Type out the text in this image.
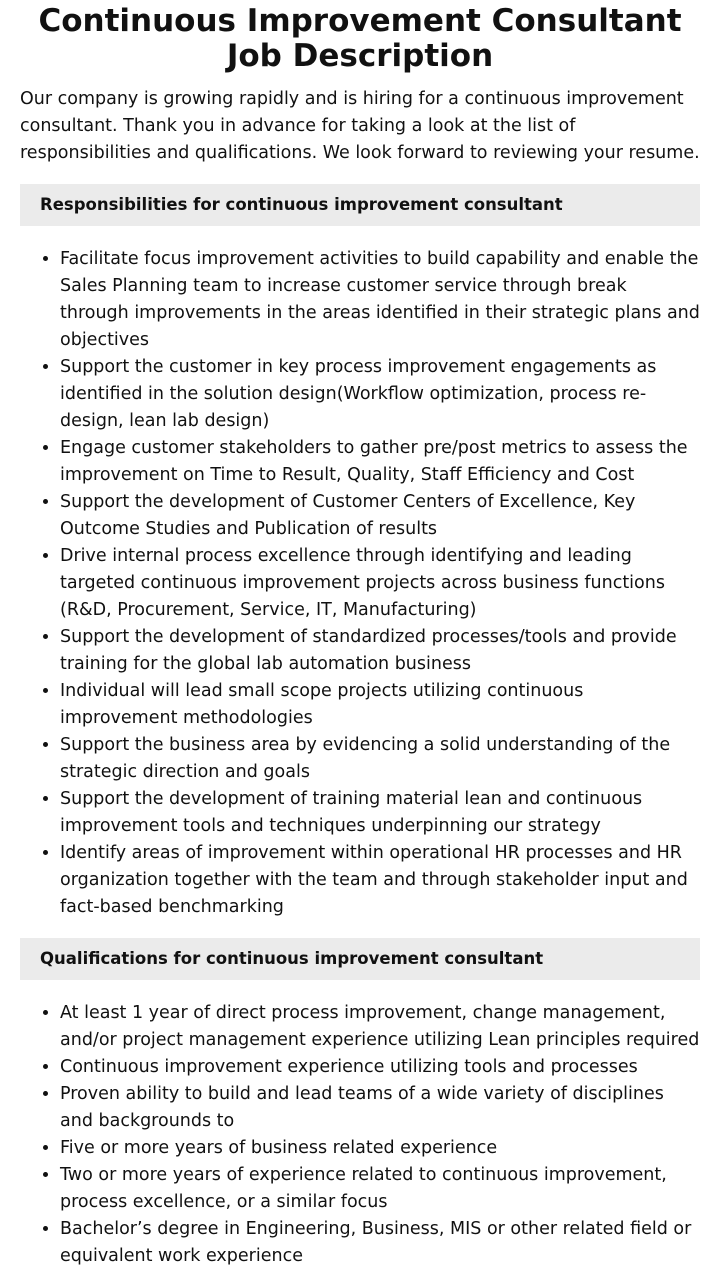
Continuous Improvement Consultant Job Description

Our company is growing rapidly and is hiring for a continuous improvement consultant. Thank you in advance for taking a look at the list of responsibilities and qualifications. We look forward to reviewing your resume.

Responsibilities for continuous improvement consultant
• Facilitate focus improvement activities to build capability and enable the Sales Planning team to increase customer service through break through improvements in the areas identified in their strategic plans and objectives
• Support the customer in key process improvement engagements as identified in the solution design(Workflow optimization, process re-design, lean lab design)
• Engage customer stakeholders to gather pre/post metrics to assess the improvement on Time to Result, Quality, Staff Efficiency and Cost
• Support the development of Customer Centers of Excellence, Key Outcome Studies and Publication of results
• Drive internal process excellence through identifying and leading targeted continuous improvement projects across business functions (R&D, Procurement, Service, IT, Manufacturing)
• Support the development of standardized processes/tools and provide training for the global lab automation business
• Individual will lead small scope projects utilizing continuous improvement methodologies
• Support the business area by evidencing a solid understanding of the strategic direction and goals
• Support the development of training material lean and continuous improvement tools and techniques underpinning our strategy
• Identify areas of improvement within operational HR processes and HR organization together with the team and through stakeholder input and fact-based benchmarking
Qualifications for continuous improvement consultant
• At least 1 year of direct process improvement, change management, and/or project management experience utilizing Lean principles required
• Continuous improvement experience utilizing tools and processes
• Proven ability to build and lead teams of a wide variety of disciplines and backgrounds to
• Five or more years of business related experience
• Two or more years of experience related to continuous improvement, process excellence, or a similar focus
• Bachelor’s degree in Engineering, Business, MIS or other related field or equivalent work experience
